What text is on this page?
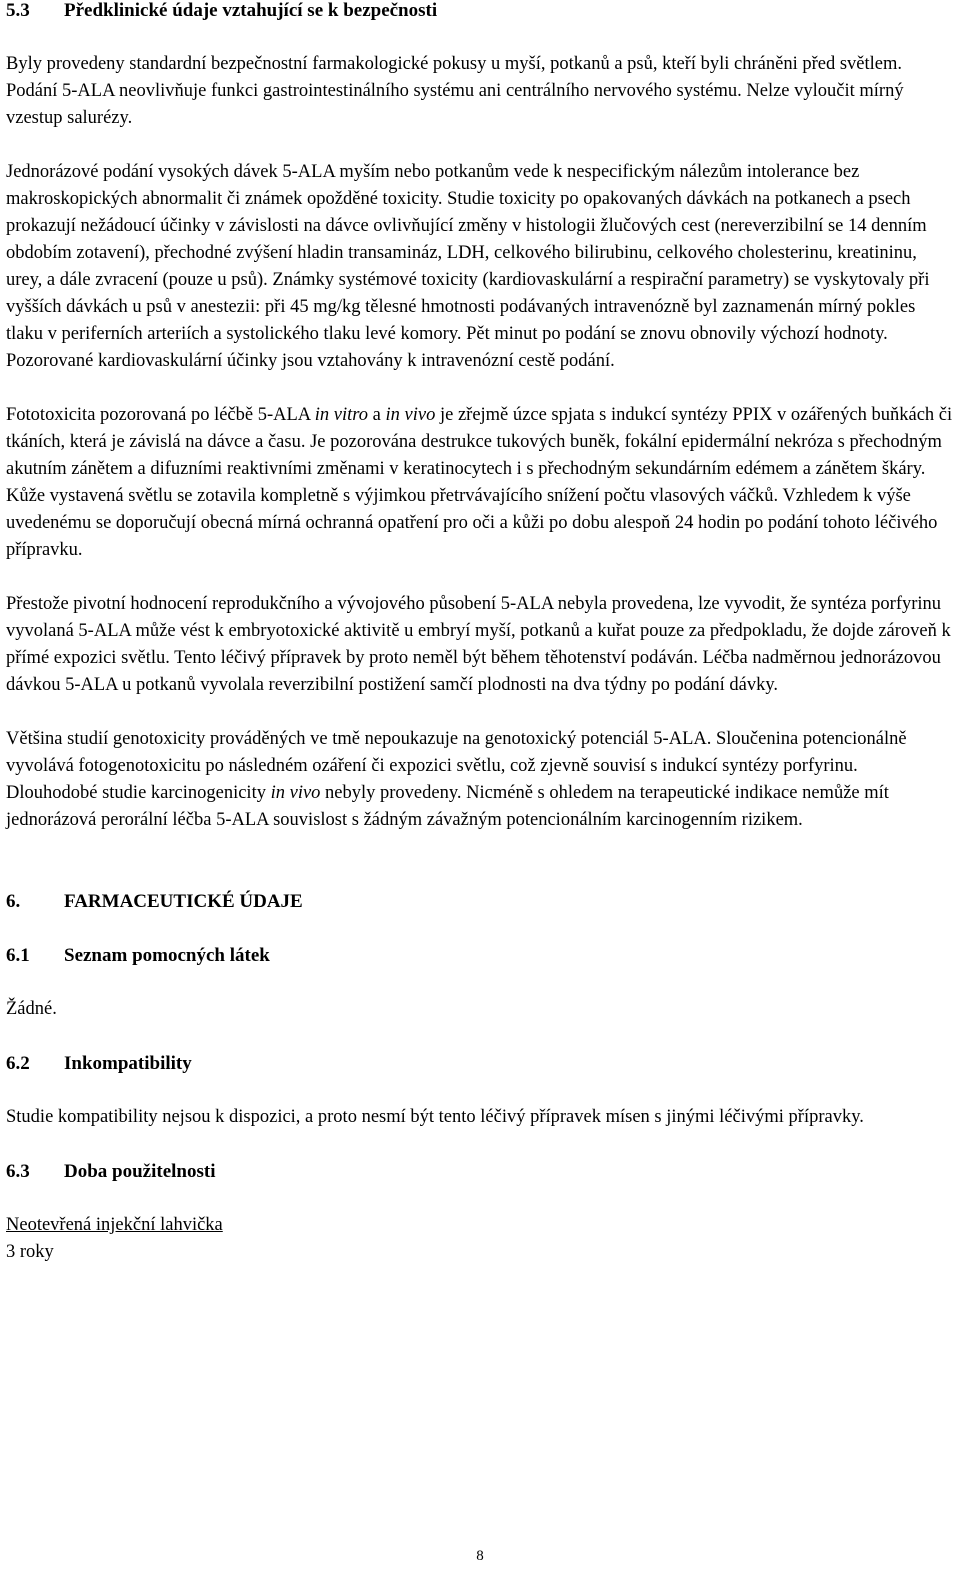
5.3	Předklinické údaje vztahující se k bezpečnosti

Byly provedeny standardní bezpečnostní farmakologické pokusy u myší, potkanů a psů, kteří byli chráněni před světlem. Podání 5-ALA neovlivňuje funkci gastrointestinálního systému ani centrálního nervového systému. Nelze vyloučit mírný vzestup salurézy.

Jednorázové podání vysokých dávek 5-ALA myším nebo potkanům vede k nespecifickým nálezům intolerance bez makroskopických abnormalit či známek opožděné toxicity. Studie toxicity po opakovaných dávkách na potkanech a psech prokazují nežádoucí účinky v závislosti na dávce ovlivňující změny v histologii žlučových cest (nereverzibilní se 14 denním obdobím zotavení), přechodné zvýšení hladin transamináz, LDH, celkového bilirubinu, celkového cholesterinu, kreatininu, urey, a dále zvracení (pouze u psů). Známky systémové toxicity (kardiovaskulární a respirační parametry) se vyskytovaly při vyšších dávkách u psů v anestezii: při 45 mg/kg tělesné hmotnosti podávaných intravenózně byl zaznamenán mírný pokles tlaku v periferních arteriích a systolického tlaku levé komory. Pět minut po podání se znovu obnovily výchozí hodnoty. Pozorované kardiovaskulární účinky jsou vztahovány k intravenózní cestě podání.

Fototoxicita pozorovaná po léčbě 5-ALA in vitro a in vivo je zřejmě úzce spjata s indukcí syntézy PPIX v ozářených buňkách či tkáních, která je závislá na dávce a času. Je pozorována destrukce tukových buněk, fokální epidermální nekróza s přechodným akutním zánětem a difuzními reaktivními změnami v keratinocytech i s přechodným sekundárním edémem a zánětem škáry. Kůže vystavená světlu se zotavila kompletně s výjimkou přetrvávajícího snížení počtu vlasových váčků. Vzhledem k výše uvedenému se doporučují obecná mírná ochranná opatření pro oči a kůži po dobu alespoň 24 hodin po podání tohoto léčivého přípravku.

Přestože pivotní hodnocení reprodukčního a vývojového působení 5-ALA nebyla provedena, lze vyvodit, že syntéza porfyrinu vyvolaná 5-ALA může vést k embryotoxické aktivitě u embryí myší, potkanů a kuřat pouze za předpokladu, že dojde zároveň k přímé expozici světlu. Tento léčivý přípravek by proto neměl být během těhotenství podáván. Léčba nadměrnou jednorázovou dávkou 5-ALA u potkanů vyvolala reverzibilní postižení samčí plodnosti na dva týdny po podání dávky.

Většina studií genotoxicity prováděných ve tmě nepoukazuje na genotoxický potenciál 5-ALA. Sloučenina potencionálně vyvolává fotogenotoxicitu po následném ozáření či expozici světlu, což zjevně souvisí s indukcí syntézy porfyrinu.

Dlouhodobé studie karcinogenicity in vivo nebyly provedeny. Nicméně s ohledem na terapeutické indikace nemůže mít jednorázová perorální léčba 5-ALA souvislost s žádným závažným potencionálním karcinogenním rizikem.

6.	FARMACEUTICKÉ ÚDAJE
6.1	Seznam pomocných látek

Žádné.

6.2	Inkompatibility

Studie kompatibility nejsou k dispozici, a proto nesmí být tento léčivý přípravek mísen s jinými léčivými přípravky.

6.3	Doba použitelnosti

Neotevřená injekční lahvička

3 roky

8
